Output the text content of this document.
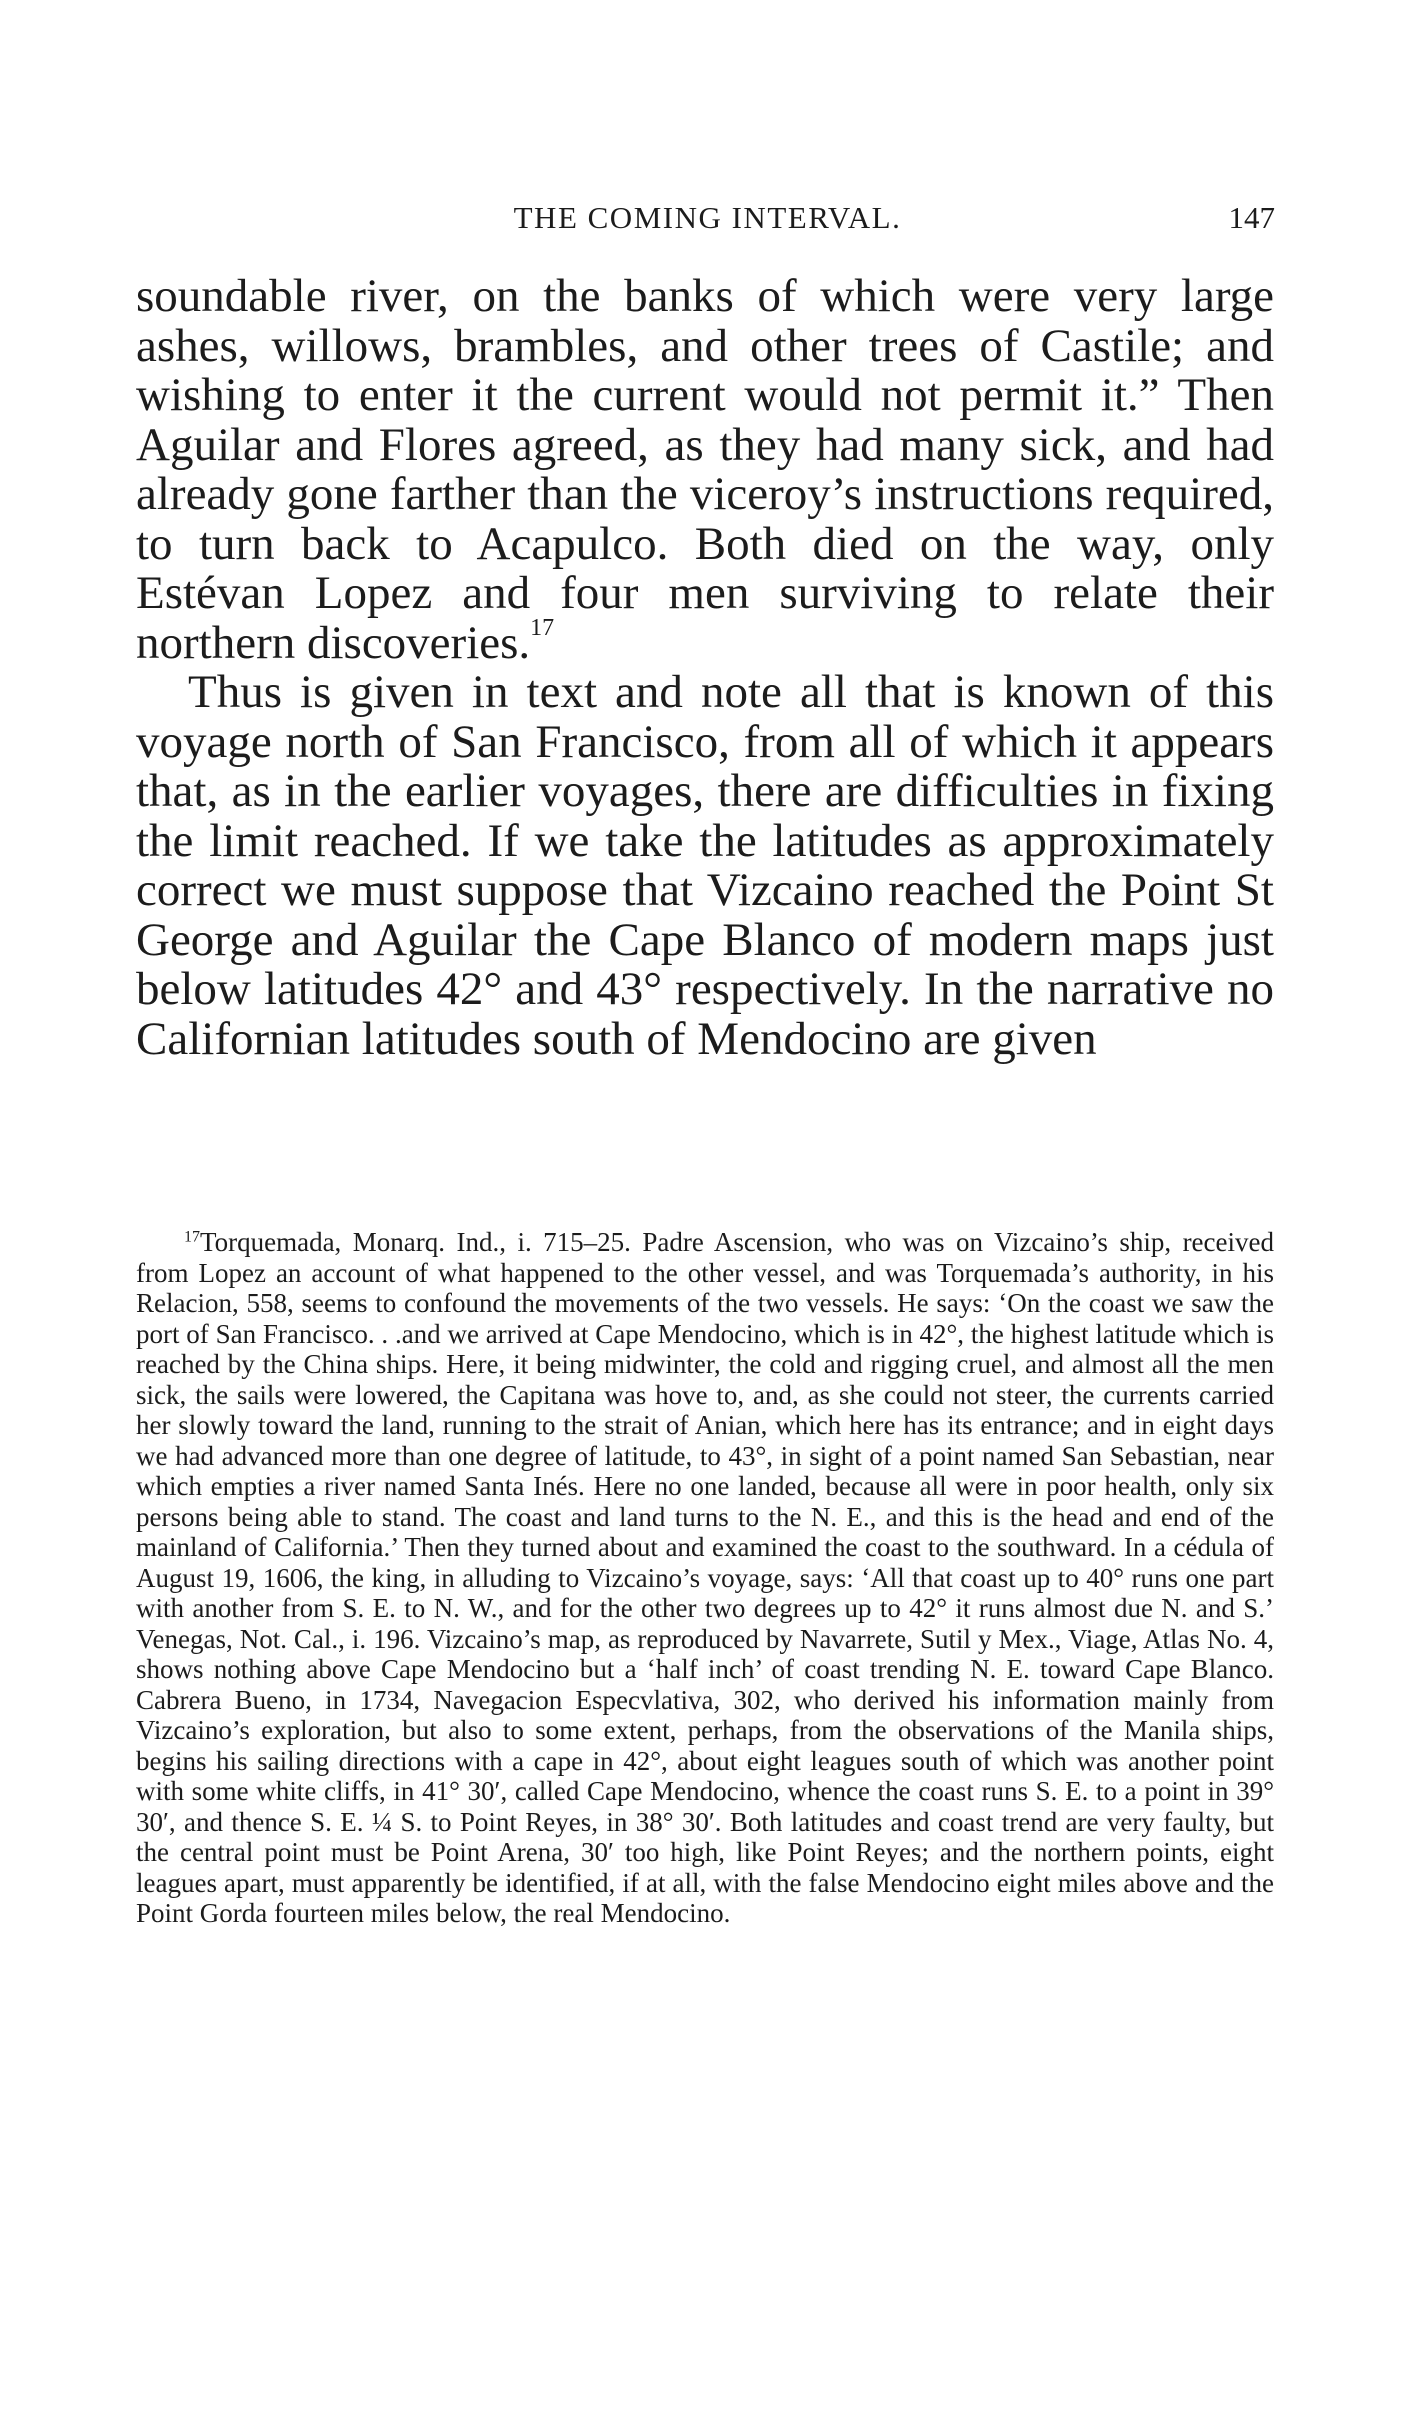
THE COMING INTERVAL.	147

soundable river, on the banks of which were very large ashes, willows, brambles, and other trees of Castile; and wishing to enter it the current would not permit it.” Then Aguilar and Flores agreed, as they had many sick, and had already gone farther than the viceroy’s instructions required, to turn back to Acapulco. Both died on the way, only Estévan Lopez and four men surviving to relate their northern discoveries.$^{17}$

Thus is given in text and note all that is known of this voyage north of San Francisco, from all of which it appears that, as in the earlier voyages, there are difficulties in fixing the limit reached. If we take the latitudes as approximately correct we must suppose that Vizcaino reached the Point St George and Aguilar the Cape Blanco of modern maps just below latitudes 42° and 43° respectively. In the narrative no Californian latitudes south of Mendocino are given

$^{17}$Torquemada, Monarq. Ind., i. 715–25. Padre Ascension, who was on Vizcaino’s ship, received from Lopez an account of what happened to the other vessel, and was Torquemada’s authority, in his Relacion, 558, seems to confound the movements of the two vessels. He says: ‘On the coast we saw the port of San Francisco. . .and we arrived at Cape Mendocino, which is in 42°, the highest latitude which is reached by the China ships. Here, it being midwinter, the cold and rigging cruel, and almost all the men sick, the sails were lowered, the Capitana was hove to, and, as she could not steer, the currents carried her slowly toward the land, running to the strait of Anian, which here has its entrance; and in eight days we had advanced more than one degree of latitude, to 43°, in sight of a point named San Sebastian, near which empties a river named Santa Inés. Here no one landed, because all were in poor health, only six persons being able to stand. The coast and land turns to the N. E., and this is the head and end of the mainland of California.’ Then they turned about and examined the coast to the southward. In a cédula of August 19, 1606, the king, in alluding to Vizcaino’s voyage, says: ‘All that coast up to 40° runs one part with another from S. E. to N. W., and for the other two degrees up to 42° it runs almost due N. and S.’ Venegas, Not. Cal., i. 196. Vizcaino’s map, as reproduced by Navarrete, Sutil y Mex., Viage, Atlas No. 4, shows nothing above Cape Mendocino but a ‘half inch’ of coast trending N. E. toward Cape Blanco. Cabrera Bueno, in 1734, Navegacion Especvlativa, 302, who derived his information mainly from Vizcaino’s exploration, but also to some extent, perhaps, from the observations of the Manila ships, begins his sailing directions with a cape in 42°, about eight leagues south of which was another point with some white cliffs, in 41° 30′, called Cape Mendocino, whence the coast runs S. E. to a point in 39° 30′, and thence S. E. ¼ S. to Point Reyes, in 38° 30′. Both latitudes and coast trend are very faulty, but the central point must be Point Arena, 30′ too high, like Point Reyes; and the northern points, eight leagues apart, must apparently be identified, if at all, with the false Mendocino eight miles above and the Point Gorda fourteen miles below, the real Mendocino.
